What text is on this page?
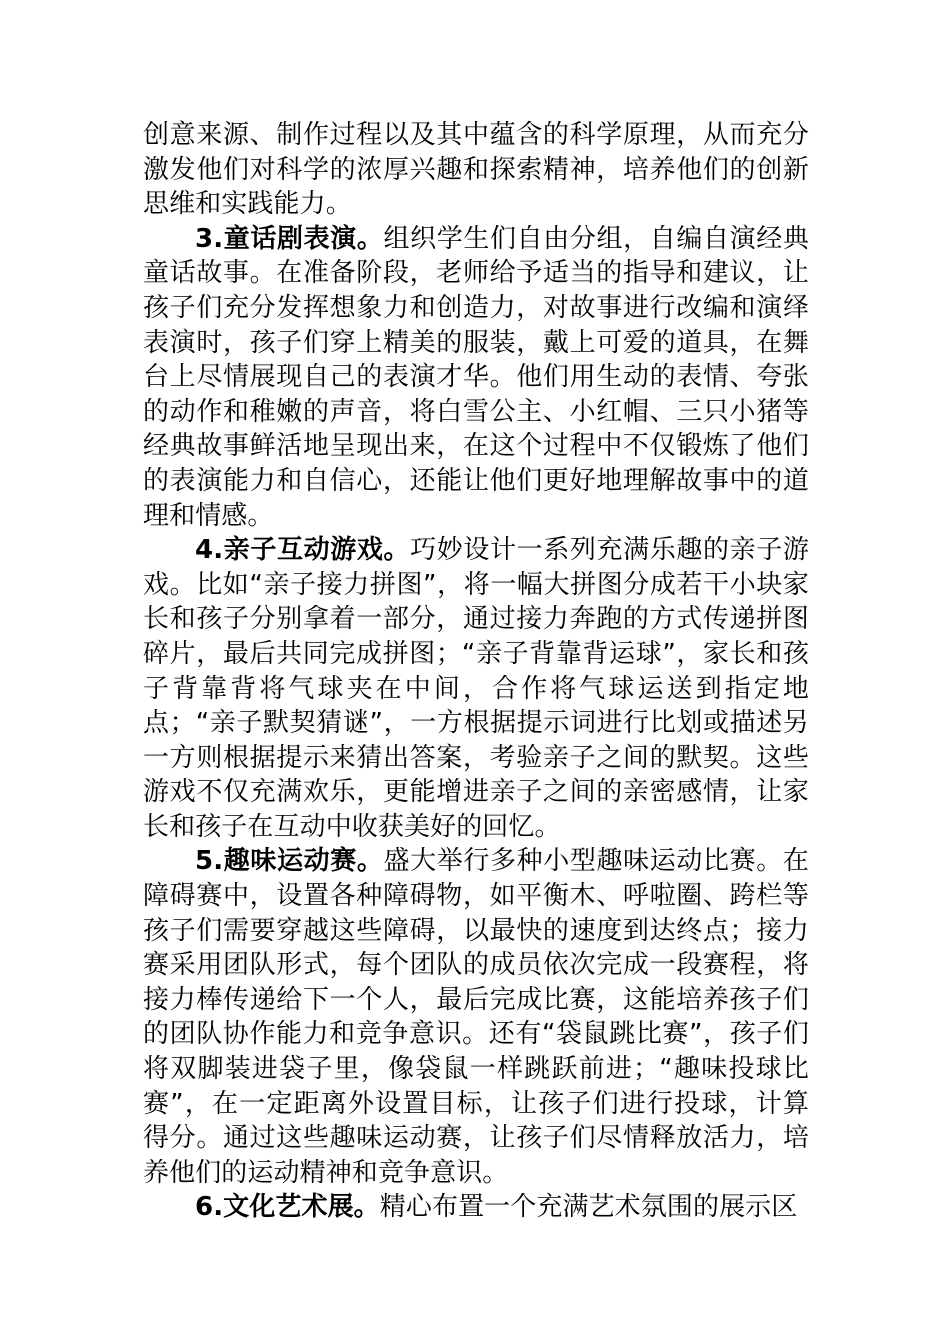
创意来源、制作过程以及其中蕴含的科学原理，从而充分激发他们对科学的浓厚兴趣和探索精神，培养他们的创新思维和实践能力。

3.童话剧表演。组织学生们自由分组，自编自演经典童话故事。在准备阶段，老师给予适当的指导和建议，让孩子们充分发挥想象力和创造力，对故事进行改编和演绎表演时，孩子们穿上精美的服装，戴上可爱的道具，在舞台上尽情展现自己的表演才华。他们用生动的表情、夸张的动作和稚嫩的声音，将白雪公主、小红帽、三只小猪等经典故事鲜活地呈现出来，在这个过程中不仅锻炼了他们的表演能力和自信心，还能让他们更好地理解故事中的道理和情感。

4.亲子互动游戏。巧妙设计一系列充满乐趣的亲子游戏。比如“亲子接力拼图”，将一幅大拼图分成若干小块家长和孩子分别拿着一部分，通过接力奔跑的方式传递拼图碎片，最后共同完成拼图；“亲子背靠背运球”，家长和孩子背靠背将气球夹在中间，合作将气球运送到指定地点；“亲子默契猜谜”，一方根据提示词进行比划或描述另一方则根据提示来猜出答案，考验亲子之间的默契。这些游戏不仅充满欢乐，更能增进亲子之间的亲密感情，让家长和孩子在互动中收获美好的回忆。

5.趣味运动赛。盛大举行多种小型趣味运动比赛。在障碍赛中，设置各种障碍物，如平衡木、呼啦圈、跨栏等孩子们需要穿越这些障碍，以最快的速度到达终点；接力赛采用团队形式，每个团队的成员依次完成一段赛程，将接力棒传递给下一个人，最后完成比赛，这能培养孩子们的团队协作能力和竞争意识。还有“袋鼠跳比赛”，孩子们将双脚装进袋子里，像袋鼠一样跳跃前进；“趣味投球比赛”，在一定距离外设置目标，让孩子们进行投球，计算得分。通过这些趣味运动赛，让孩子们尽情释放活力，培养他们的运动精神和竞争意识。

6.文化艺术展。精心布置一个充满艺术氛围的展示区
